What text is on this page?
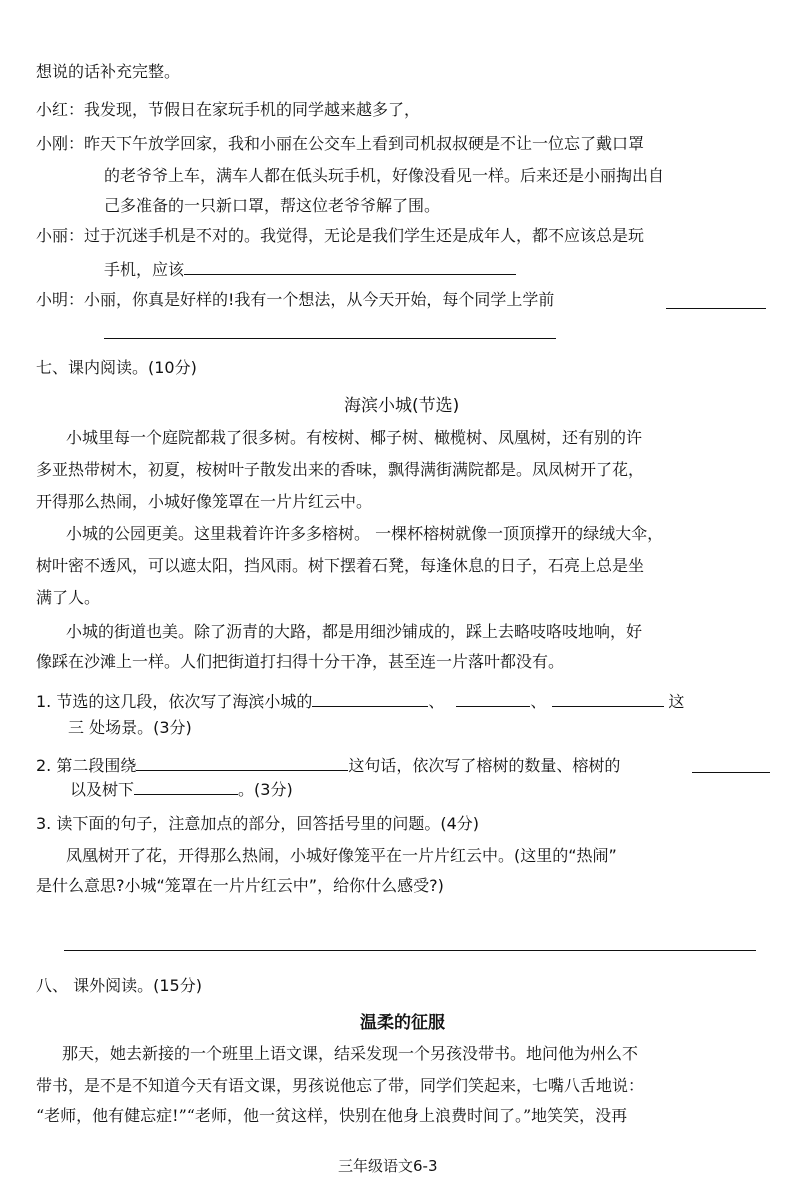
想说的话补充完整。
小红：我发现，节假日在家玩手机的同学越来越多了，
小刚：昨天下午放学回家，我和小丽在公交车上看到司机叔叔硬是不让一位忘了戴口罩
的老爷爷上车，满车人都在低头玩手机，好像没看见一样。后来还是小丽掏出自
己多准备的一只新口罩，帮这位老爷爷解了围。
小丽：过于沉迷手机是不对的。我觉得，无论是我们学生还是成年人，都不应该总是玩
手机，应该
小明：小丽，你真是好样的!我有一个想法，从今天开始，每个同学上学前
七、课内阅读。(10分)
海滨小城(节选)
小城里每一个庭院都栽了很多树。有桉树、椰子树、橄榄树、凤凰树，还有别的许
多亚热带树木，初夏，桉树叶子散发出来的香味，飘得满街满院都是。凤凤树开了花，
开得那么热闹，小城好像笼罩在一片片红云中。
小城的公园更美。这里栽着许许多多榕树。 一棵杯榕树就像一顶顶撑开的绿绒大伞，
树叶密不透风，可以遮太阳，挡风雨。树下摆着石凳，每逢休息的日子，石亮上总是坐
满了人。
小城的街道也美。除了沥青的大路，都是用细沙铺成的，踩上去略吱咯吱地响，好
像踩在沙滩上一样。人们把街道打扫得十分干净，甚至连一片落叶都没有。
1. 节选的这几段，依次写了海滨小城的	、	、	这
三 处场景。(3分)
2. 第二段围绕	这句话，依次写了榕树的数量、榕树的
以及树下	。(3分)
3. 读下面的句子，注意加点的部分，回答括号里的问题。(4分)
凤凰树开了花，开得那么热闹，小城好像笼平在一片片红云中。(这里的“热闹”
是什么意思?小城“笼罩在一片片红云中”，给你什么感受?)
八、 课外阅读。(15分)
温柔的征服
那天，她去新接的一个班里上语文课，结采发现一个另孩没带书。地问他为州么不
带书，是不是不知道今天有语文课，男孩说他忘了带，同学们笑起来，七嘴八舌地说：
“老师，他有健忘症!”“老师，他一贫这样，快别在他身上浪费时间了。”地笑笑，没再
三年级语文6-3
